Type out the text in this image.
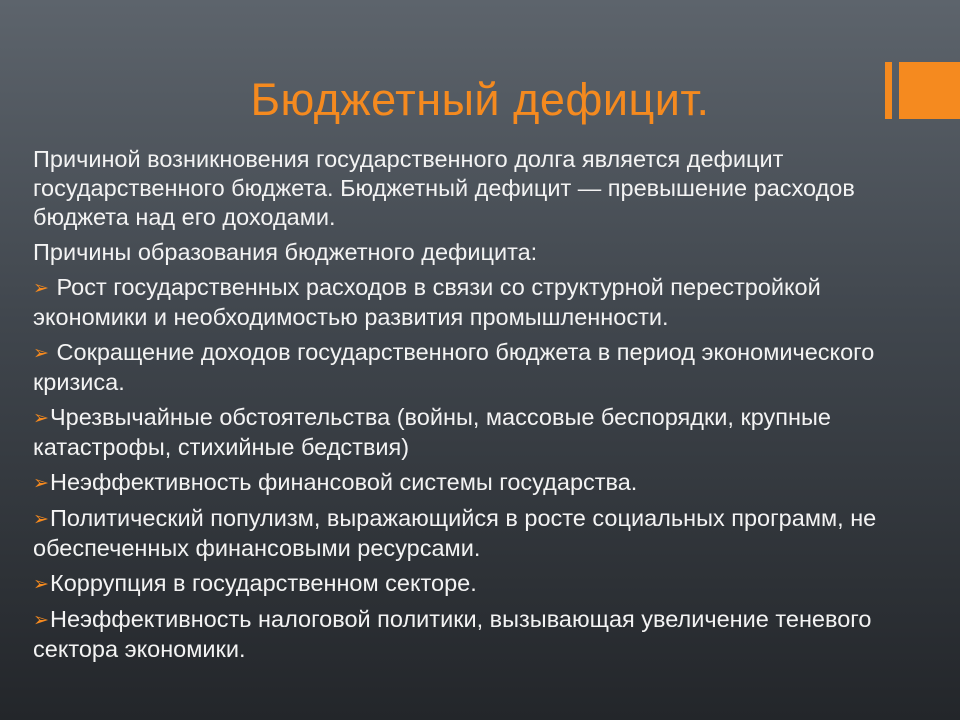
Бюджетный дефицит.

Причиной возникновения государственного долга является дефицит государственного бюджета. Бюджетный дефицит — превышение расходов бюджета над его доходами.

Причины образования бюджетного дефицита:

➢ Рост государственных расходов в связи со структурной перестройкой экономики и необходимостью развития промышленности.
➢ Сокращение доходов государственного бюджета в период экономического кризиса.
➢Чрезвычайные обстоятельства (войны, массовые беспорядки, крупные катастрофы, стихийные бедствия)
➢Неэффективность финансовой системы государства.
➢Политический популизм, выражающийся в росте социальных программ, не обеспеченных финансовыми ресурсами.
➢Коррупция в государственном секторе.
➢Неэффективность налоговой политики, вызывающая увеличение теневого сектора экономики.
